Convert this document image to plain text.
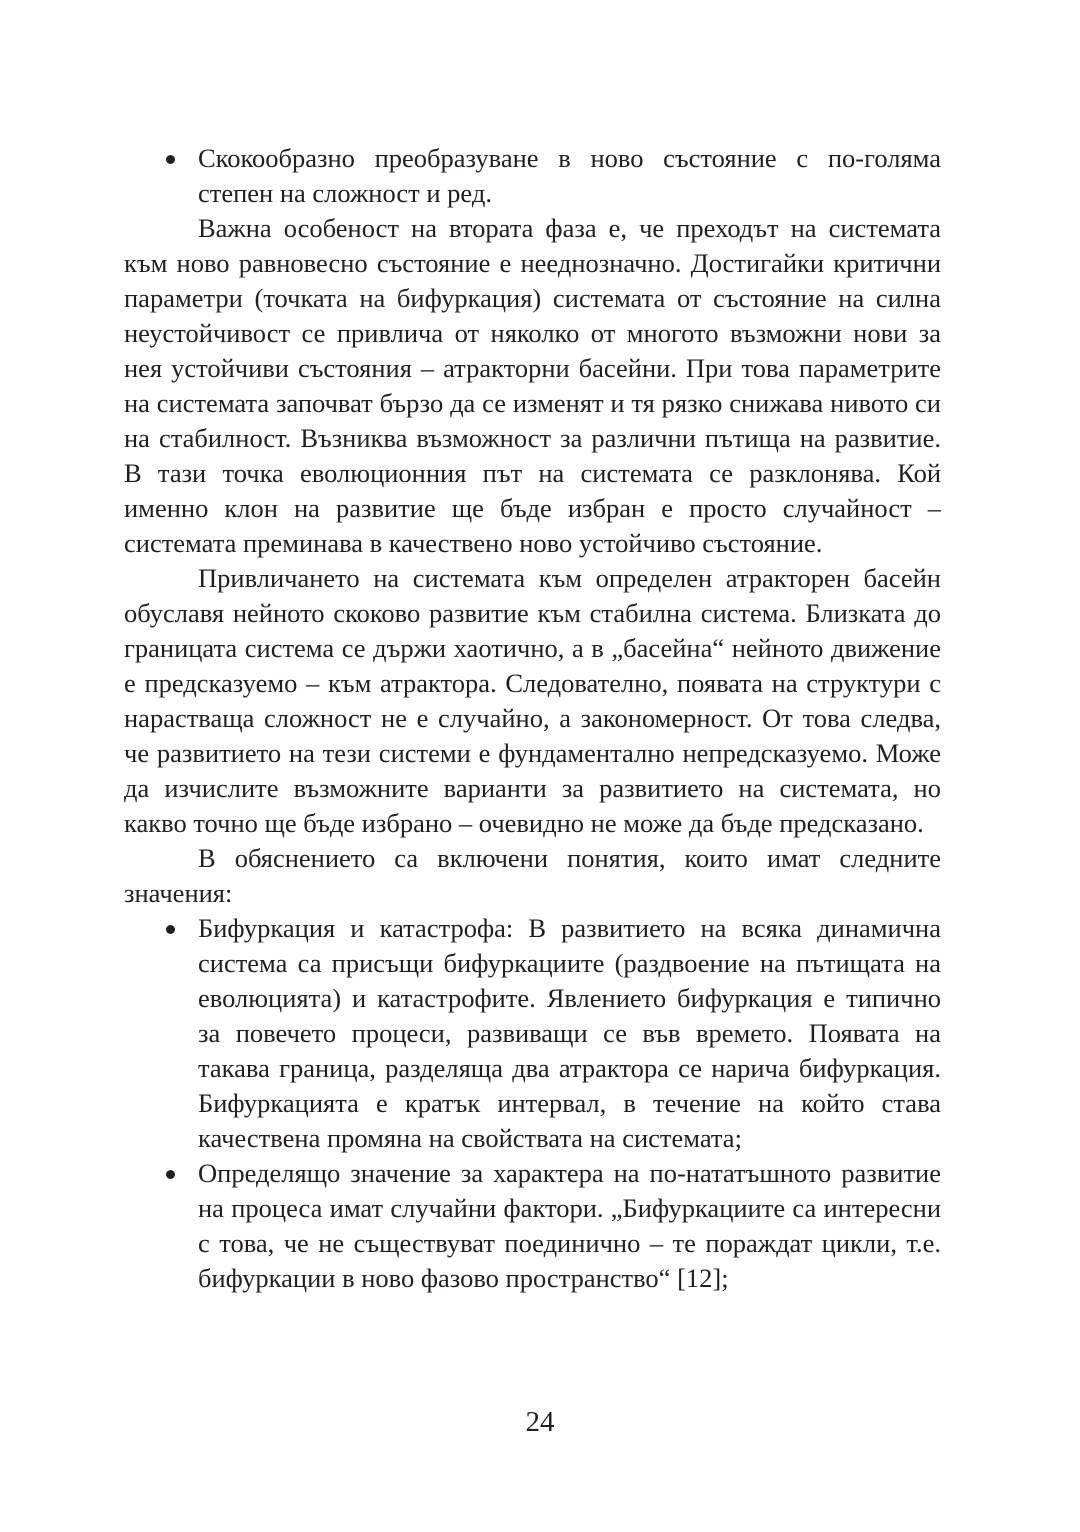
Скокообразно преобразуване в ново състояние с по-голяма степен на сложност и ред.

Важна особеност на втората фаза е, че преходът на системата към ново равновесно състояние е нееднозначно. Достигайки критични параметри (точката на бифуркация) системата от състояние на силна неустойчивост се привлича от няколко от многото възможни нови за нея устойчиви състояния – атракторни басейни. При това параметрите на системата започват бързо да се изменят и тя рязко снижава нивото си на стабилност. Възниква възможност за различни пътища на развитие. В тази точка еволюционния път на системата се разклонява. Кой именно клон на развитие ще бъде избран е просто случайност – системата преминава в качествено ново устойчиво състояние.

Привличането на системата към определен атракторен басейн обуславя нейното скоково развитие към стабилна система. Близката до границата система се държи хаотично, а в „басейна“ нейното движение е предсказуемо – към атрактора. Следователно, появата на структури с нарастваща сложност не е случайно, а закономерност. От това следва, че развитието на тези системи е фундаментално непредсказуемо. Може да изчислите възможните варианти за развитието на системата, но какво точно ще бъде избрано – очевидно не може да бъде предсказано.

В обяснението са включени понятия, които имат следните значения:

Бифуркация и катастрофа: В развитието на всяка динамична система са присъщи бифуркациите (раздвоение на пътищата на еволюцията) и катастрофите. Явлението бифуркация е типично за повечето процеси, развиващи се във времето. Появата на такава граница, разделяща два атрактора се нарича бифуркация. Бифуркацията е кратък интервал, в течение на който става качествена промяна на свойствата на системата;
Определящо значение за характера на по-нататъшното развитие на процеса имат случайни фактори. „Бифуркациите са интересни с това, че не съществуват поединично – те пораждат цикли, т.е. бифуркации в ново фазово пространство“ [12];
24
